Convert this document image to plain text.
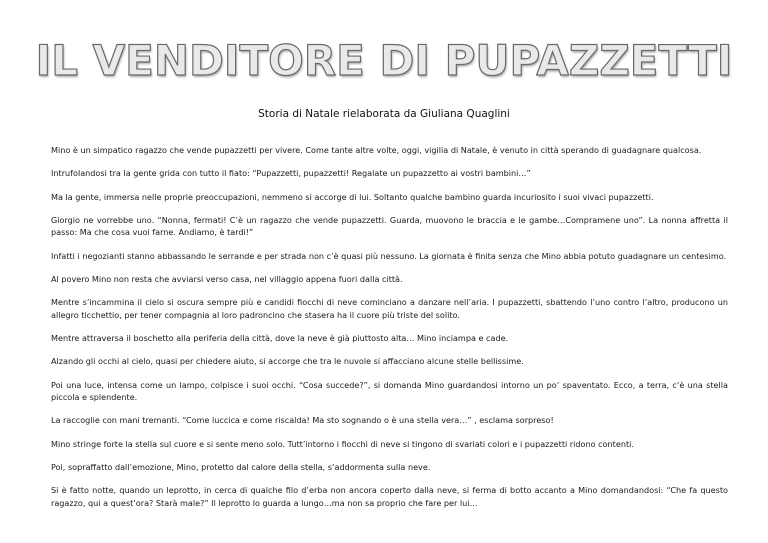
IL VENDITORE DI PUPAZZETTI
Storia di Natale rielaborata da Giuliana Quaglini

Mino è un simpatico ragazzo che vende pupazzetti per vivere. Come tante altre volte, oggi, vigilia di Natale, è venuto in città sperando di guadagnare qualcosa.

Intrufolandosi tra la gente grida con tutto il fiato: “Pupazzetti, pupazzetti! Regalate un pupazzetto ai vostri bambini…”

Ma la gente, immersa nelle proprie preoccupazioni, nemmeno si accorge di lui. Soltanto qualche bambino guarda incuriosito i suoi vivaci pupazzetti.

Giorgio ne vorrebbe uno. “Nonna, fermati! C’è un ragazzo che vende pupazzetti. Guarda, muovono le braccia e le gambe…Compramene uno”. La nonna affretta il passo: Ma che cosa vuoi farne. Andiamo, è tardi!”

Infatti i negozianti stanno abbassando le serrande e per strada non c’è quasi più nessuno. La giornata è finita senza che Mino abbia potuto guadagnare un centesimo.

Al povero Mino non resta che avviarsi verso casa, nel villaggio appena fuori dalla città.

Mentre s’incammina il cielo si oscura sempre più e candidi fiocchi di neve cominciano a danzare nell’aria. I pupazzetti, sbattendo l’uno contro l’altro, producono un allegro ticchettio, per tener compagnia al loro padroncino che stasera ha il cuore più triste del solito.

Mentre attraversa il boschetto alla periferia della città, dove la neve è già piuttosto alta… Mino inciampa e cade.

Alzando gli occhi al cielo, quasi per chiedere aiuto, si accorge che tra le nuvole si affacciano alcune stelle bellissime.

Poi una luce, intensa come un lampo, colpisce i suoi occhi. “Cosa succede?”, si domanda Mino guardandosi intorno un po’ spaventato. Ecco, a terra, c’è una stella piccola e splendente.

La raccoglie con mani tremanti. “Come luccica e come riscalda! Ma sto sognando o è una stella vera…” , esclama sorpreso!

Mino stringe forte la stella sul cuore e si sente meno solo. Tutt’intorno i fiocchi di neve si tingono di svariati colori e i pupazzetti ridono contenti.

Poi, sopraffatto dall’emozione, Mino, protetto dal calore della stella, s’addormenta sulla neve.

Si è fatto notte, quando un leprotto, in cerca di qualche filo d’erba non ancora coperto dalla neve, si ferma di botto accanto a Mino domandandosi: “Che fa questo ragazzo, qui a quest’ora? Starà male?” Il leprotto lo guarda a lungo…ma non sa proprio che fare per lui…
